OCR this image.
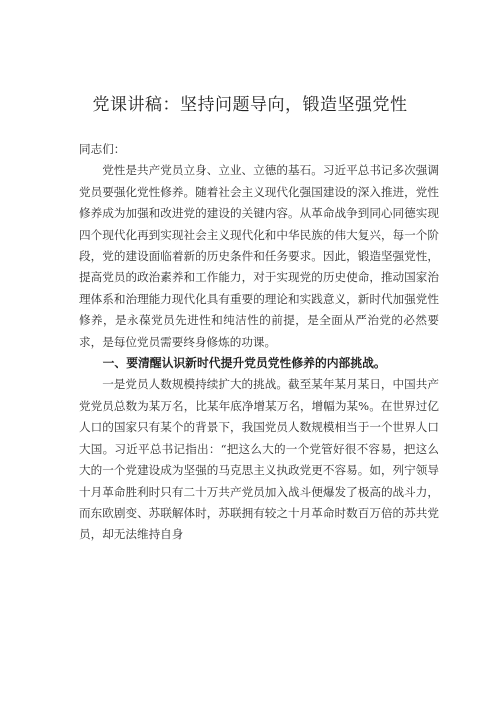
党课讲稿：坚持问题导向，锻造坚强党性

同志们：

党性是共产党员立身、立业、立德的基石。习近平总书记多次强调党员要强化党性修养。随着社会主义现代化强国建设的深入推进，党性修养成为加强和改进党的建设的关键内容。从革命战争到同心同德实现四个现代化再到实现社会主义现代化和中华民族的伟大复兴，每一个阶段，党的建设面临着新的历史条件和任务要求。因此，锻造坚强党性，提高党员的政治素养和工作能力，对于实现党的历史使命，推动国家治理体系和治理能力现代化具有重要的理论和实践意义，新时代加强党性修养，是永葆党员先进性和纯洁性的前提，是全面从严治党的必然要求，是每位党员需要终身修炼的功课。

一、要清醒认识新时代提升党员党性修养的内部挑战。

一是党员人数规模持续扩大的挑战。截至某年某月某日，中国共产党党员总数为某万名，比某年底净增某万名，增幅为某%。在世界过亿人口的国家只有某个的背景下，我国党员人数规模相当于一个世界人口大国。习近平总书记指出：“把这么大的一个党管好很不容易，把这么大的一个党建设成为坚强的马克思主义执政党更不容易。如，列宁领导十月革命胜利时只有二十万共产党员加入战斗便爆发了极高的战斗力，而东欧剧变、苏联解体时，苏联拥有较之十月革命时数百万倍的苏共党员，却无法维持自身
